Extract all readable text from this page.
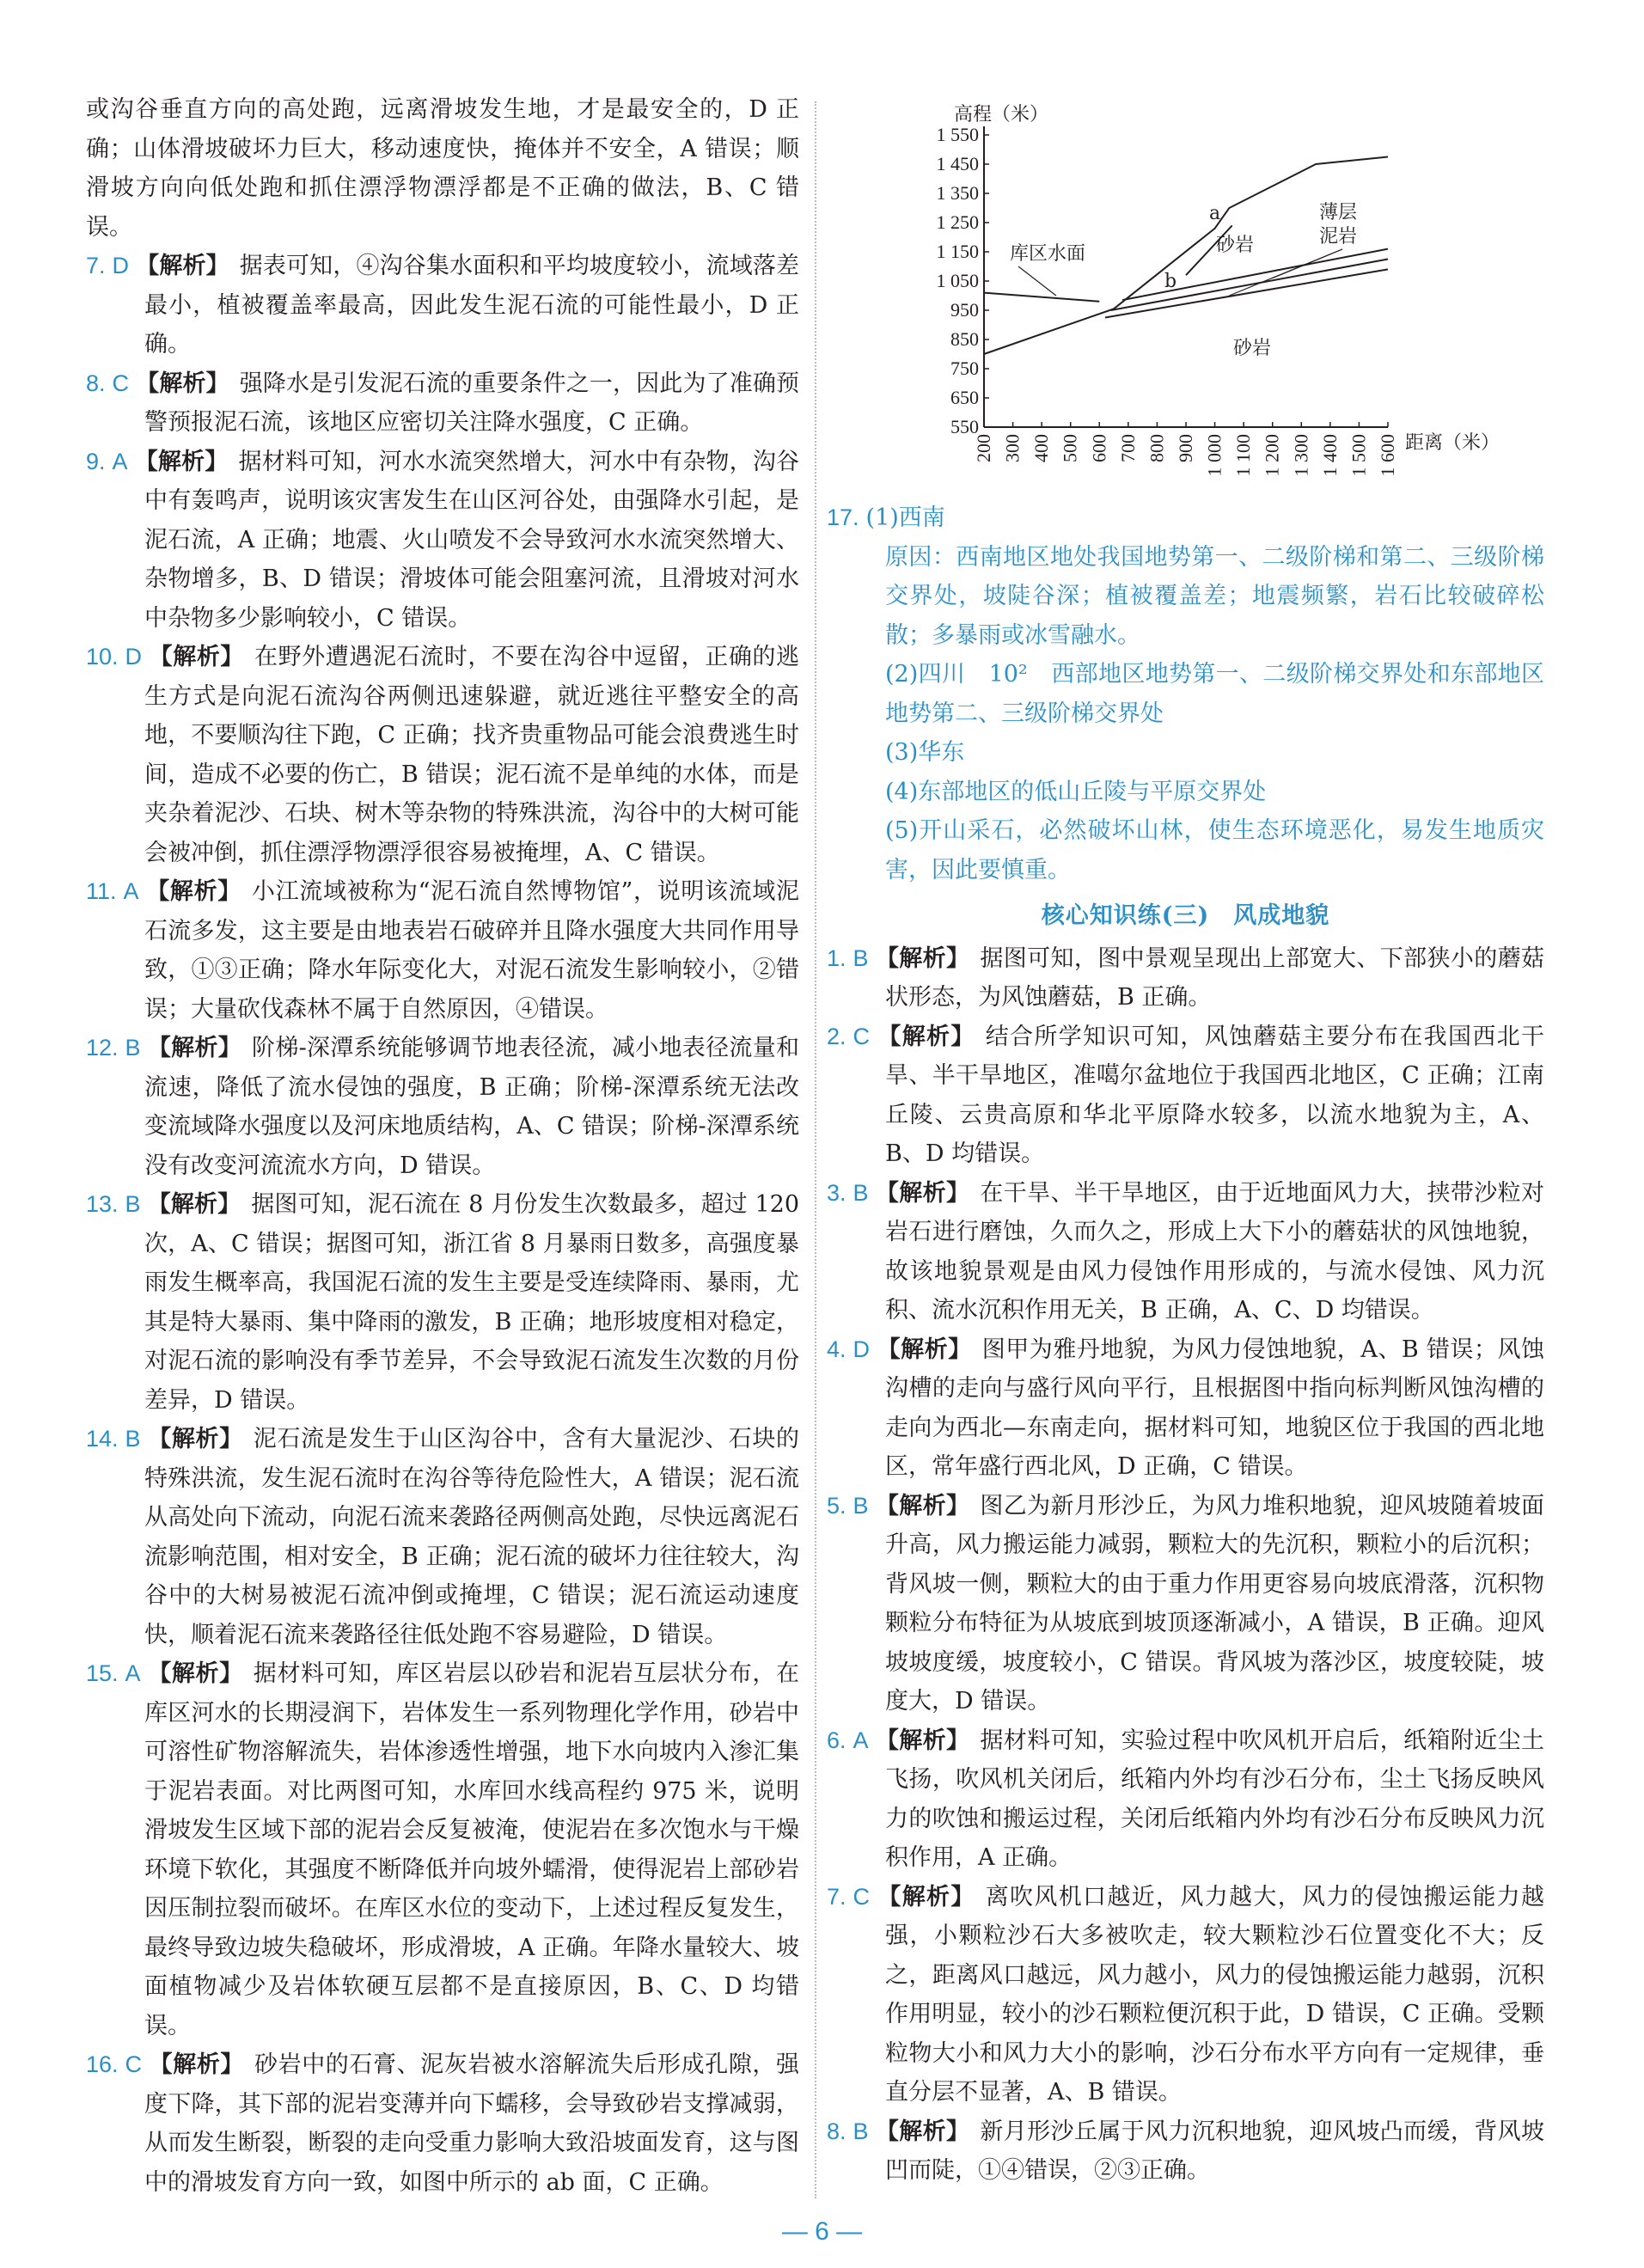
或沟谷垂直方向的高处跑，远离滑坡发生地，才是最安全的，D 正确；山体滑坡破坏力巨大，移动速度快，掩体并不安全，A 错误；顺滑坡方向向低处跑和抓住漂浮物漂浮都是不正确的做法，B、C 错误。

7. D 【解析】 据表可知，④沟谷集水面积和平均坡度较小，流域落差最小，植被覆盖率最高，因此发生泥石流的可能性最小，D 正确。

8. C 【解析】 强降水是引发泥石流的重要条件之一，因此为了准确预警预报泥石流，该地区应密切关注降水强度，C 正确。

9. A 【解析】 据材料可知，河水水流突然增大，河水中有杂物，沟谷中有轰鸣声，说明该灾害发生在山区河谷处，由强降水引起，是泥石流，A 正确；地震、火山喷发不会导致河水水流突然增大、杂物增多，B、D 错误；滑坡体可能会阻塞河流，且滑坡对河水中杂物多少影响较小，C 错误。

10. D 【解析】 在野外遭遇泥石流时，不要在沟谷中逗留，正确的逃生方式是向泥石流沟谷两侧迅速躲避，就近逃往平整安全的高地，不要顺沟往下跑，C 正确；找齐贵重物品可能会浪费逃生时间，造成不必要的伤亡，B 错误；泥石流不是单纯的水体，而是夹杂着泥沙、石块、树木等杂物的特殊洪流，沟谷中的大树可能会被冲倒，抓住漂浮物漂浮很容易被掩埋，A、C 错误。

11. A 【解析】 小江流域被称为“泥石流自然博物馆”，说明该流域泥石流多发，这主要是由地表岩石破碎并且降水强度大共同作用导致，①③正确；降水年际变化大，对泥石流发生影响较小，②错误；大量砍伐森林不属于自然原因，④错误。

12. B 【解析】 阶梯-深潭系统能够调节地表径流，减小地表径流量和流速，降低了流水侵蚀的强度，B 正确；阶梯-深潭系统无法改变流域降水强度以及河床地质结构，A、C 错误；阶梯-深潭系统没有改变河流流水方向，D 错误。

13. B 【解析】 据图可知，泥石流在 8 月份发生次数最多，超过 120 次，A、C 错误；据图可知，浙江省 8 月暴雨日数多，高强度暴雨发生概率高，我国泥石流的发生主要是受连续降雨、暴雨，尤其是特大暴雨、集中降雨的激发，B 正确；地形坡度相对稳定，对泥石流的影响没有季节差异，不会导致泥石流发生次数的月份差异，D 错误。

14. B 【解析】 泥石流是发生于山区沟谷中，含有大量泥沙、石块的特殊洪流，发生泥石流时在沟谷等待危险性大，A 错误；泥石流从高处向下流动，向泥石流来袭路径两侧高处跑，尽快远离泥石流影响范围，相对安全，B 正确；泥石流的破坏力往往较大，沟谷中的大树易被泥石流冲倒或掩埋，C 错误；泥石流运动速度快，顺着泥石流来袭路径往低处跑不容易避险，D 错误。

15. A 【解析】 据材料可知，库区岩层以砂岩和泥岩互层状分布，在库区河水的长期浸润下，岩体发生一系列物理化学作用，砂岩中可溶性矿物溶解流失，岩体渗透性增强，地下水向坡内入渗汇集于泥岩表面。对比两图可知，水库回水线高程约 975 米，说明滑坡发生区域下部的泥岩会反复被淹，使泥岩在多次饱水与干燥环境下软化，其强度不断降低并向坡外蠕滑，使得泥岩上部砂岩因压制拉裂而破坏。在库区水位的变动下，上述过程反复发生，最终导致边坡失稳破坏，形成滑坡，A 正确。年降水量较大、坡面植物减少及岩体软硬互层都不是直接原因，B、C、D 均错误。

16. C 【解析】 砂岩中的石膏、泥灰岩被水溶解流失后形成孔隙，强度下降，其下部的泥岩变薄并向下蠕移，会导致砂岩支撑减弱，从而发生断裂，断裂的走向受重力影响大致沿坡面发育，这与图中的滑坡发育方向一致，如图中所示的 ab 面，C 正确。

高程（米）
距离（米）
1 550
1 450
1 350
1 250
1 150
1 050
950
850
750
650
550
200 300 400 500 600 700 800 900 1 000 1 100 1 200 1 300 1 400 1 500 1 600
库区水面	砂岩
薄层
泥岩
砂岩
a
b

17. (1)西南

原因：西南地区地处我国地势第一、二级阶梯和第二、三级阶梯交界处，坡陡谷深；植被覆盖差；地震频繁，岩石比较破碎松散；多暴雨或冰雪融水。

(2)四川　10²　西部地区地势第一、二级阶梯交界处和东部地区地势第二、三级阶梯交界处

(3)华东

(4)东部地区的低山丘陵与平原交界处

(5)开山采石，必然破坏山林，使生态环境恶化，易发生地质灾害，因此要慎重。

核心知识练(三) 风成地貌

1. B 【解析】 据图可知，图中景观呈现出上部宽大、下部狭小的蘑菇状形态，为风蚀蘑菇，B 正确。

2. C 【解析】 结合所学知识可知，风蚀蘑菇主要分布在我国西北干旱、半干旱地区，准噶尔盆地位于我国西北地区，C 正确；江南丘陵、云贵高原和华北平原降水较多，以流水地貌为主，A、B、D 均错误。

3. B 【解析】 在干旱、半干旱地区，由于近地面风力大，挟带沙粒对岩石进行磨蚀，久而久之，形成上大下小的蘑菇状的风蚀地貌，故该地貌景观是由风力侵蚀作用形成的，与流水侵蚀、风力沉积、流水沉积作用无关，B 正确，A、C、D 均错误。

4. D 【解析】 图甲为雅丹地貌，为风力侵蚀地貌，A、B 错误；风蚀沟槽的走向与盛行风向平行，且根据图中指向标判断风蚀沟槽的走向为西北—东南走向，据材料可知，地貌区位于我国的西北地区，常年盛行西北风，D 正确，C 错误。

5. B 【解析】 图乙为新月形沙丘，为风力堆积地貌，迎风坡随着坡面升高，风力搬运能力减弱，颗粒大的先沉积，颗粒小的后沉积；背风坡一侧，颗粒大的由于重力作用更容易向坡底滑落，沉积物颗粒分布特征为从坡底到坡顶逐渐减小，A 错误，B 正确。迎风坡坡度缓，坡度较小，C 错误。背风坡为落沙区，坡度较陡，坡度大，D 错误。

6. A 【解析】 据材料可知，实验过程中吹风机开启后，纸箱附近尘土飞扬，吹风机关闭后，纸箱内外均有沙石分布，尘土飞扬反映风力的吹蚀和搬运过程，关闭后纸箱内外均有沙石分布反映风力沉积作用，A 正确。

7. C 【解析】 离吹风机口越近，风力越大，风力的侵蚀搬运能力越强，小颗粒沙石大多被吹走，较大颗粒沙石位置变化不大；反之，距离风口越远，风力越小，风力的侵蚀搬运能力越弱，沉积作用明显，较小的沙石颗粒便沉积于此，D 错误，C 正确。受颗粒物大小和风力大小的影响，沙石分布水平方向有一定规律，垂直分层不显著，A、B 错误。

8. B 【解析】 新月形沙丘属于风力沉积地貌，迎风坡凸而缓，背风坡凹而陡，①④错误，②③正确。

— 6 —
